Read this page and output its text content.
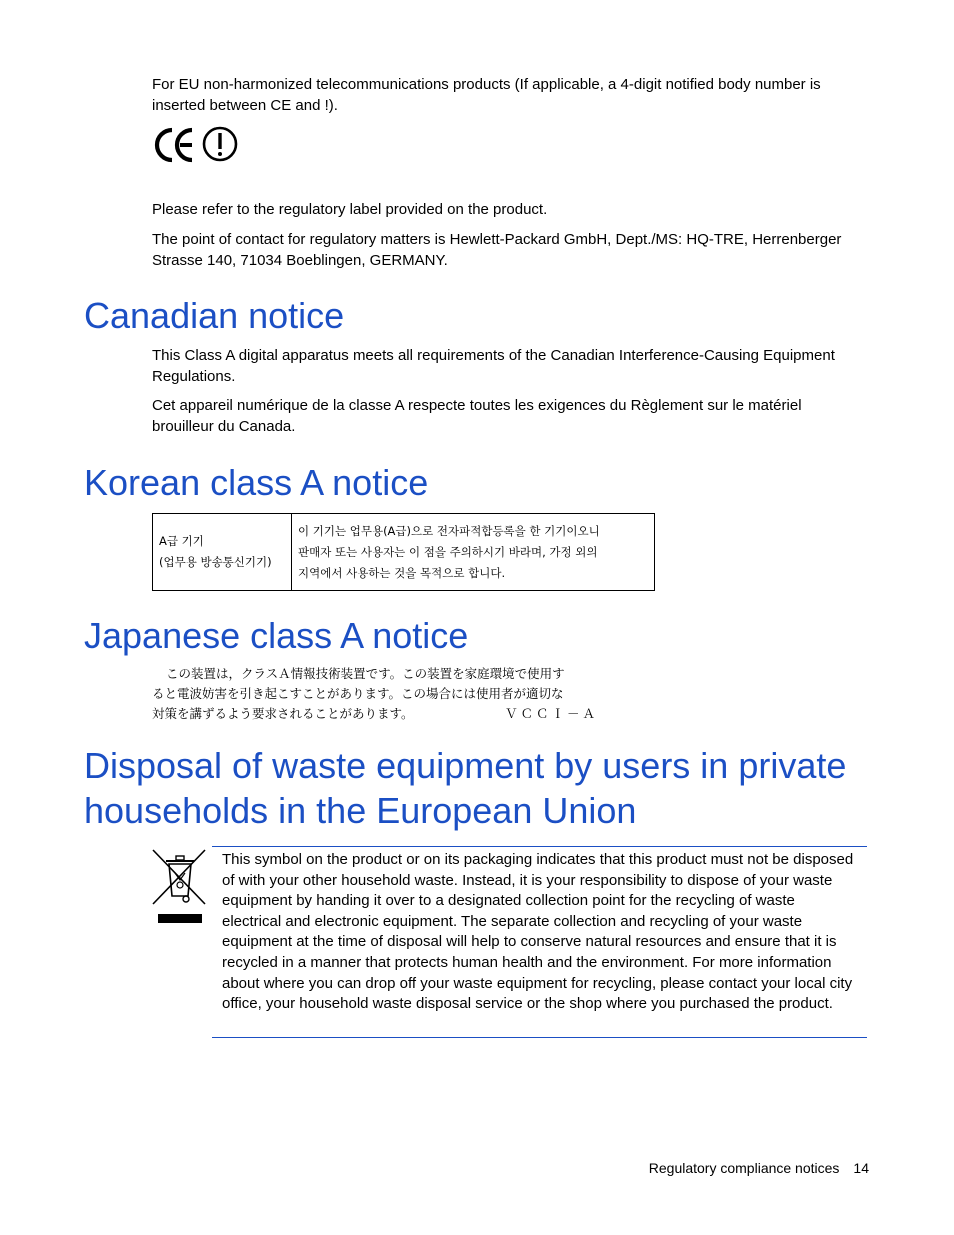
For EU non-harmonized telecommunications products (If applicable, a 4-digit notified body number is inserted between CE and !).

Please refer to the regulatory label provided on the product.

The point of contact for regulatory matters is Hewlett-Packard GmbH, Dept./MS: HQ-TRE, Herrenberger Strasse 140, 71034 Boeblingen, GERMANY.

Canadian notice

This Class A digital apparatus meets all requirements of the Canadian Interference-Causing Equipment Regulations.

Cet appareil numérique de la classe A respecte toutes les exigences du Règlement sur le matériel brouilleur du Canada.

Korean class A notice
A급 기기
(업무용 방송통신기기)

이 기기는 업무용(A급)으로 전자파적합등록을 한 기기이오니
판매자 또는 사용자는 이 점을 주의하시기 바라며, 가정 외의
지역에서 사용하는 것을 목적으로 합니다.
Japanese class A notice
この装置は，クラスＡ情報技術装置です。この装置を家庭環境で使用す
ると電波妨害を引き起こすことがあります。この場合には使用者が適切な
対策を講ずるよう要求されることがあります。	ＶＣＣＩ－Ａ
Disposal of waste equipment by users in private
households in the European Union

This symbol on the product or on its packaging indicates that this product must not be disposed of with your other household waste. Instead, it is your responsibility to dispose of your waste equipment by handing it over to a designated collection point for the recycling of waste electrical and electronic equipment. The separate collection and recycling of your waste equipment at the time of disposal will help to conserve natural resources and ensure that it is recycled in a manner that protects human health and the environment. For more information about where you can drop off your waste equipment for recycling, please contact your local city office, your household waste disposal service or the shop where you purchased the product.

Regulatory compliance notices 14
